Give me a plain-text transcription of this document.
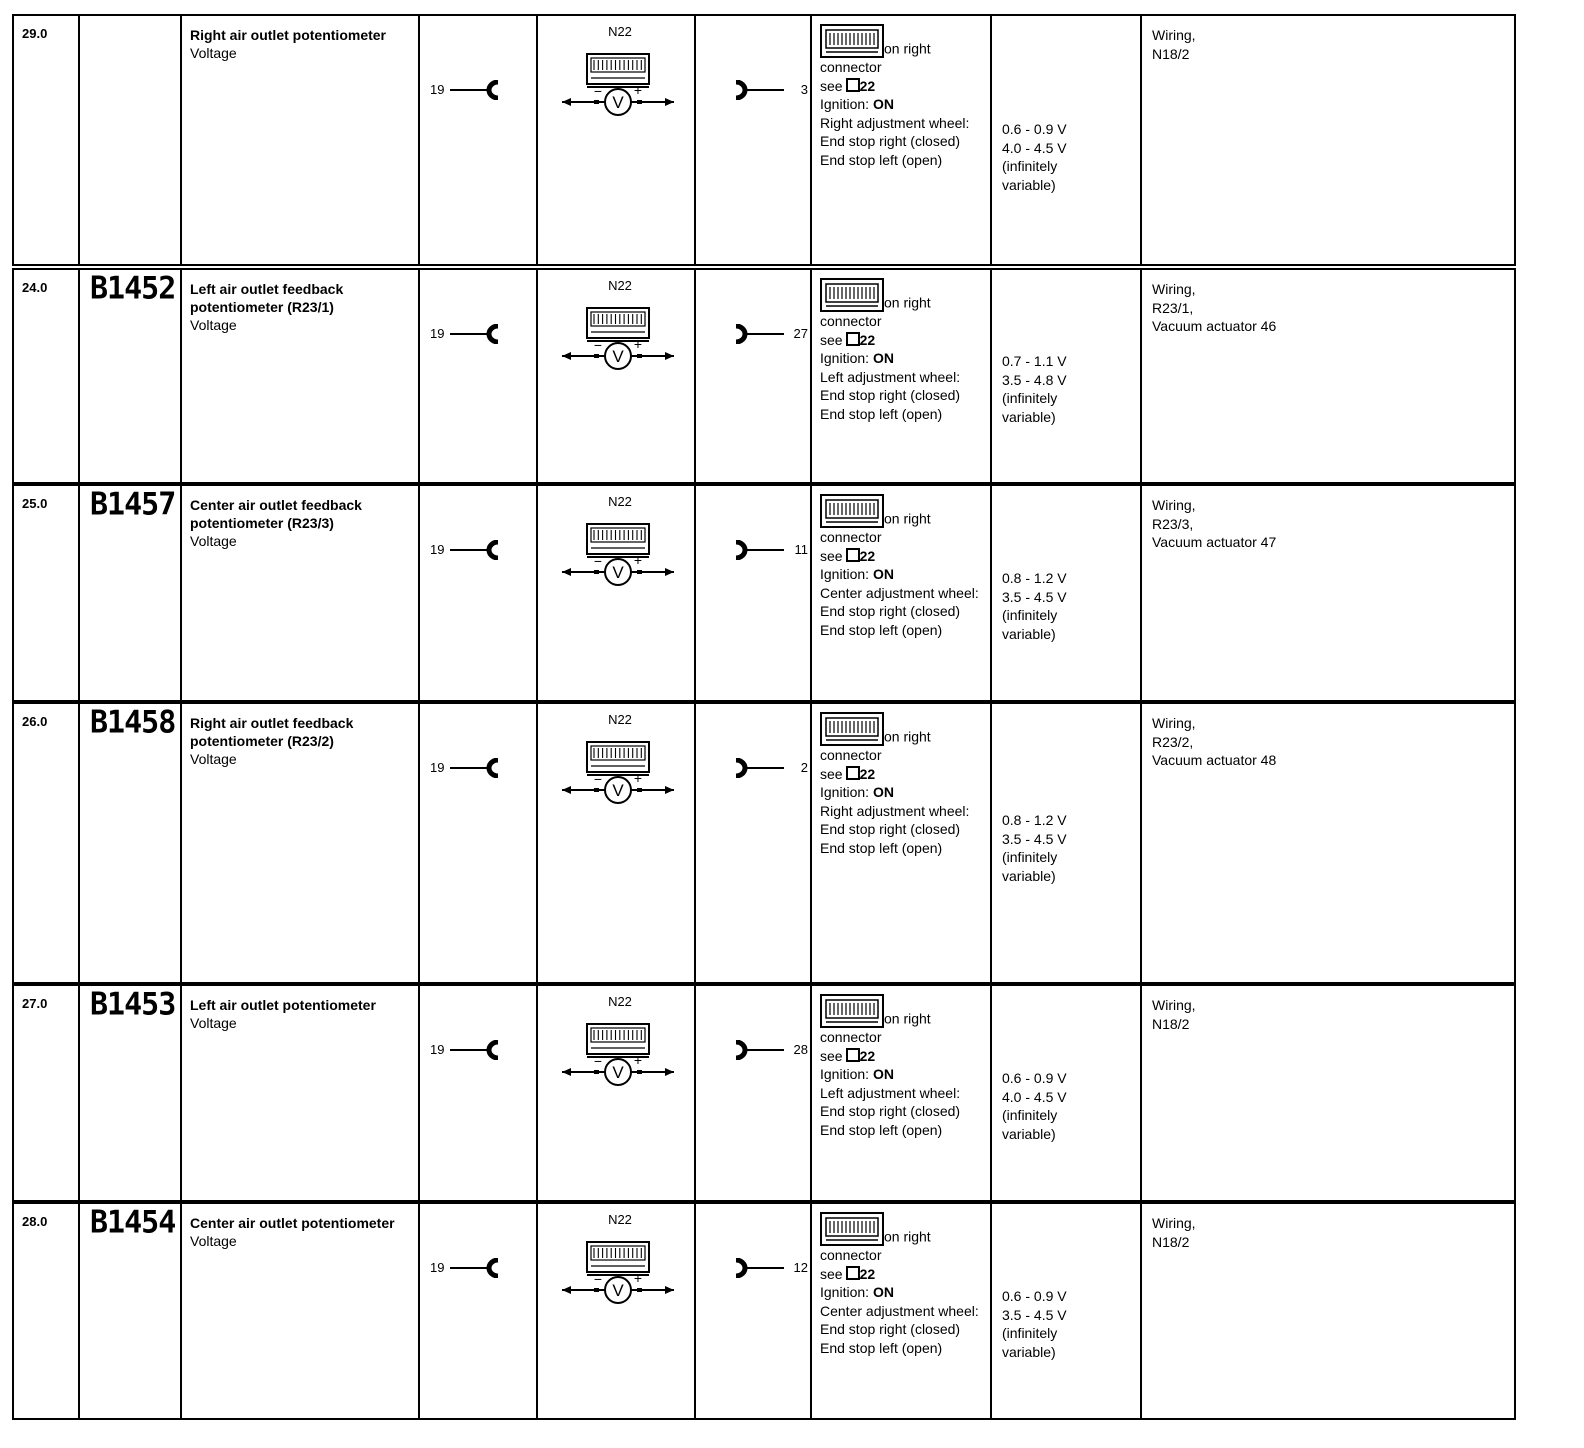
29.0	Right air outlet potentiometer
Voltage
19
N22
V
− +	3
on right connector
see 22
Ignition: ON
Right adjustment wheel:
End stop right (closed)
End stop left (open)
0.6 - 0.9 V
4.0 - 4.5 V
(infinitely variable)
Wiring,
N18/2
24.0 B1452 Left air outlet feedback potentiometer (R23/1)
Voltage
19
N22
V
− +
27
on right connector
see 22
Ignition: ON
Left adjustment wheel:
End stop right (closed)
End stop left (open)
0.7 - 1.1 V
3.5 - 4.8 V
(infinitely variable)
Wiring,
R23/1,
Vacuum actuator 46
25.0 B1457 Center air outlet feedback potentiometer (R23/3)
Voltage
19
N22
V
− +
11
on right connector
see 22
Ignition: ON
Center adjustment wheel:
End stop right (closed)
End stop left (open)
0.8 - 1.2 V
3.5 - 4.5 V
(infinitely variable)
Wiring,
R23/3,
Vacuum actuator 47
26.0 B1458 Right air outlet feedback potentiometer (R23/2)
Voltage
19
N22
V
− +
2
on right connector
see 22
Ignition: ON
Right adjustment wheel:
End stop right (closed)
End stop left (open)
0.8 - 1.2 V
3.5 - 4.5 V
(infinitely variable)
Wiring,
R23/2,
Vacuum actuator 48
27.0 B1453 Left air outlet potentiometer
Voltage
19
N22
V
− +
28
on right connector
see 22
Ignition: ON
Left adjustment wheel:
End stop right (closed)
End stop left (open)
0.6 - 0.9 V
4.0 - 4.5 V
(infinitely variable)
Wiring,
N18/2
28.0 B1454 Center air outlet potentiometer
Voltage
19
N22
V
− +
12
on right connector
see 22
Ignition: ON
Center adjustment wheel:
End stop right (closed)
End stop left (open)
0.6 - 0.9 V
3.5 - 4.5 V
(infinitely variable)
Wiring,
N18/2
